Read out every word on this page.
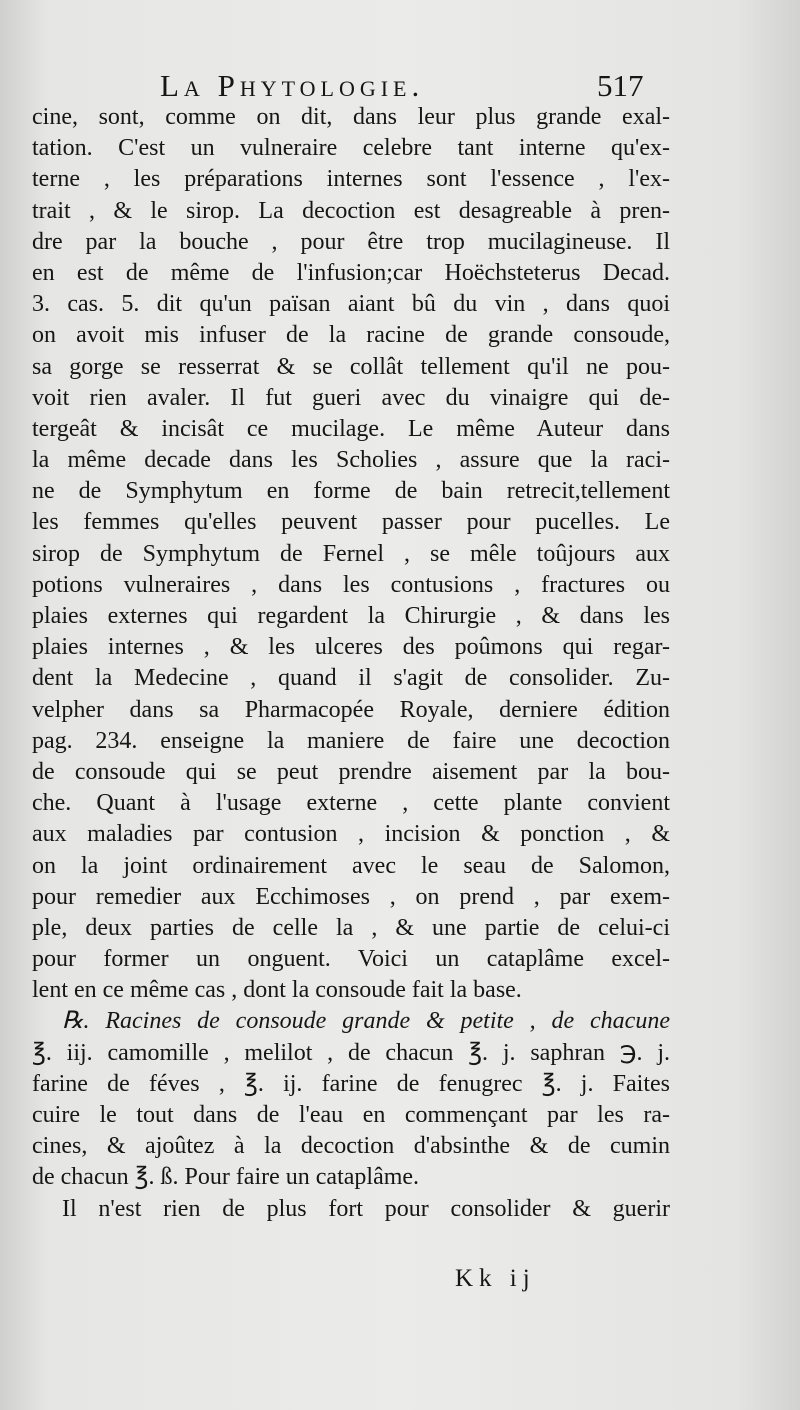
La Phytologie.	517
cine, sont, comme on dit, dans leur plus grande exal-
tation. C'est un vulneraire celebre tant interne qu'ex-
terne , les préparations internes sont l'essence , l'ex-
trait , & le sirop. La decoction est desagreable à pren-
dre par la bouche , pour être trop mucilagineuse. Il
en est de même de l'infusion;car Hoëchsteterus Decad.
3. cas. 5. dit qu'un païsan aiant bû du vin , dans quoi
on avoit mis infuser de la racine de grande consoude,
sa gorge se resserrat & se collât tellement qu'il ne pou-
voit rien avaler. Il fut gueri avec du vinaigre qui de-
tergeât & incisât ce mucilage. Le même Auteur dans
la même decade dans les Scholies , assure que la raci-
ne de Symphytum en forme de bain retrecit,tellement
les femmes qu'elles peuvent passer pour pucelles. Le
sirop de Symphytum de Fernel , se mêle toûjours aux
potions vulneraires , dans les contusions , fractures ou
plaies externes qui regardent la Chirurgie , & dans les
plaies internes , & les ulceres des poûmons qui regar-
dent la Medecine , quand il s'agit de consolider. Zu-
velpher dans sa Pharmacopée Royale, derniere édition
pag. 234. enseigne la maniere de faire une decoction
de consoude qui se peut prendre aisement par la bou-
che. Quant à l'usage externe , cette plante convient
aux maladies par contusion , incision & ponction , &
on la joint ordinairement avec le seau de Salomon,
pour remedier aux Ecchimoses , on prend , par exem-
ple, deux parties de celle la , & une partie de celui-ci
pour former un onguent. Voici un cataplâme excel-
lent en ce même cas , dont la consoude fait la base.
℞. Racines de consoude grande & petite , de chacune
℥. iij. camomille , melilot , de chacun ℥. j. saphran ℈. j.
farine de féves , ℥. ij. farine de fenugrec ℥. j. Faites
cuire le tout dans de l'eau en commençant par les ra-
cines, & ajoûtez à la decoction d'absinthe & de cumin
de chacun ℥. ß. Pour faire un cataplâme.
Il n'est rien de plus fort pour consolider & guerir
Kk ij
